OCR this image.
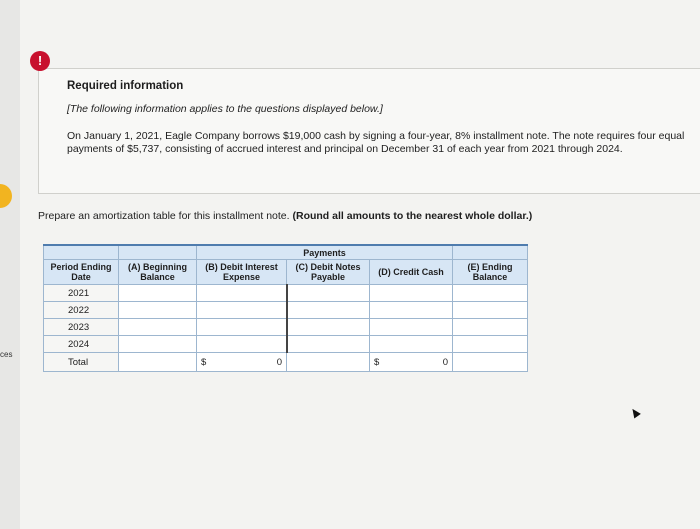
ces
!
Required information
[The following information applies to the questions displayed below.]
On January 1, 2021, Eagle Company borrows $19,000 cash by signing a four-year, 8% installment note. The note requires four equal payments of $5,737, consisting of accrued interest and principal on December 31 of each year from 2021 through 2024.
Prepare an amortization table for this installment note. (Round all amounts to the nearest whole dollar.)
		Payments			
Period Ending Date	(A) Beginning Balance	(B) Debit Interest Expense	(C) Debit Notes Payable	(D) Credit Cash	(E) Ending Balance
2021					
2022					
2023					
2024					
Total		$ 0		$ 0	
